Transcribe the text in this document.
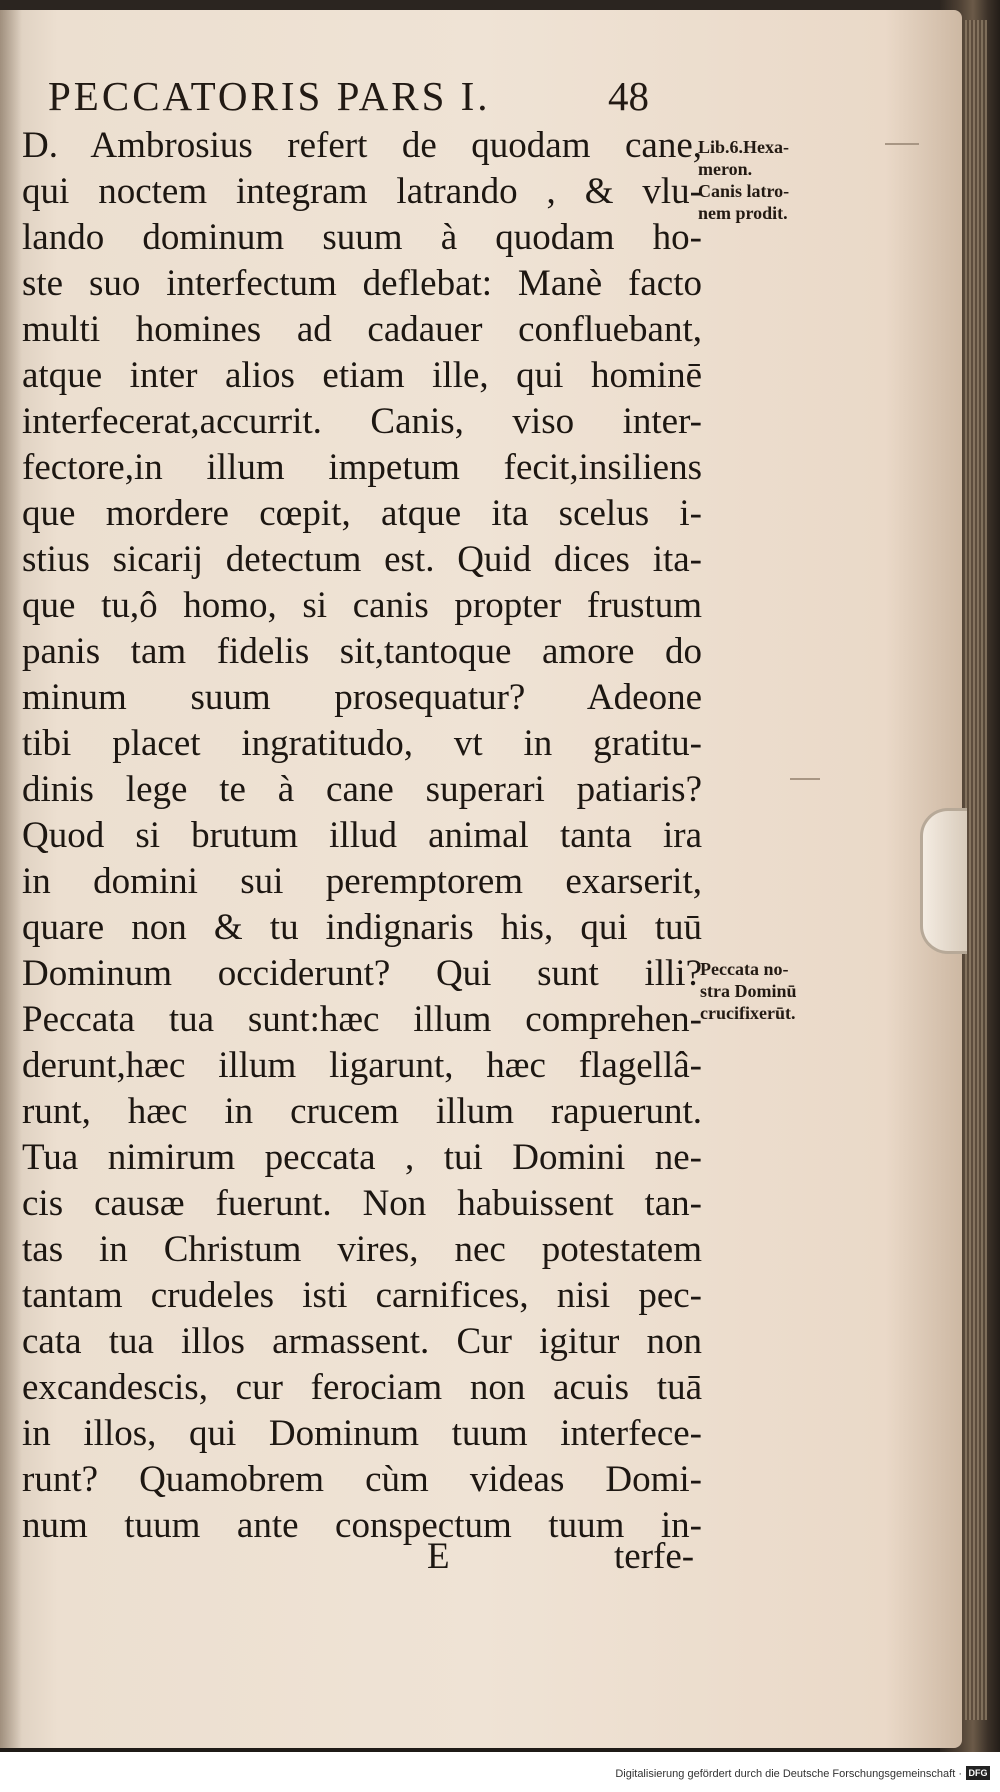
PECCATORIS PARS I.	48
D. Ambrosius refert de quodam cane,
qui noctem integram latrando , & vlu-
lando dominum suum à quodam ho-
ste suo interfectum deflebat: Manè facto
multi homines ad cadauer confluebant,
atque inter alios etiam ille, qui hominē
interfecerat,accurrit. Canis, viso inter-
fectore,in illum impetum fecit,insiliens
que mordere cœpit, atque ita scelus i-
stius sicarij detectum est. Quid dices ita-
que tu,ô homo, si canis propter frustum
panis tam fidelis sit,tantoque amore do
minum suum prosequatur? Adeone
tibi placet ingratitudo, vt in gratitu-
dinis lege te à cane superari patiaris?
Quod si brutum illud animal tanta ira
in domini sui peremptorem exarserit,
quare non & tu indignaris his, qui tuū
Dominum occiderunt? Qui sunt illi?
Peccata tua sunt:hæc illum comprehen-
derunt,hæc illum ligarunt, hæc flagellâ-
runt, hæc in crucem illum rapuerunt.
Tua nimirum peccata , tui Domini ne-
cis causæ fuerunt. Non habuissent tan-
tas in Christum vires, nec potestatem
tantam crudeles isti carnifices, nisi pec-
cata tua illos armassent. Cur igitur non
excandescis, cur ferociam non acuis tuā
in illos, qui Dominum tuum interfece-
runt? Quamobrem cùm videas Domi-
num tuum ante conspectum tuum in-
E	terfe-
Lib.6.Hexa-
meron.
Canis latro-
nem prodit.
Peccata no-
stra Dominū
crucifixerūt.
Digitalisierung gefördert durch die Deutsche Forschungsgemeinschaft · DFG
